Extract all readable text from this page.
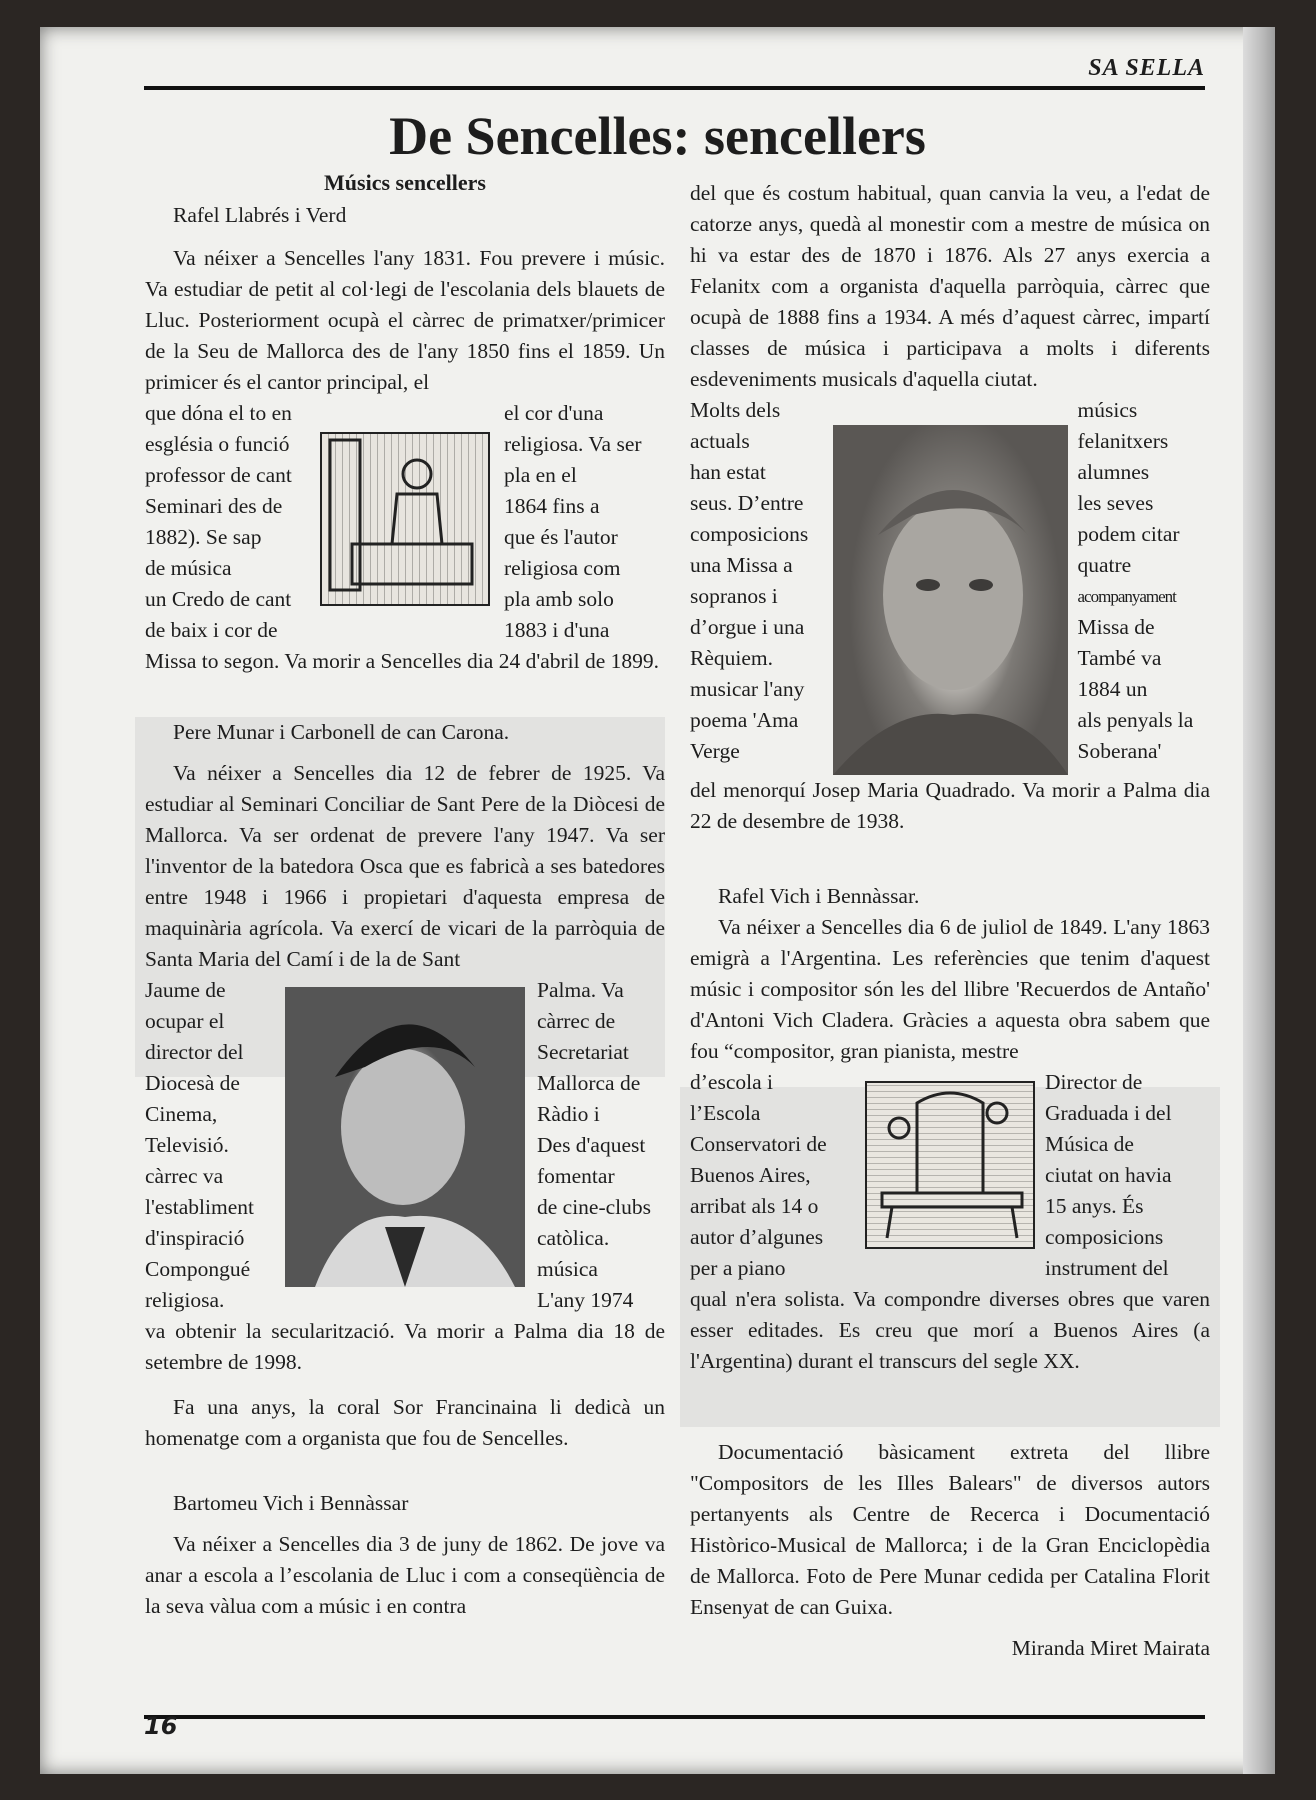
SA SELLA
De Sencelles: sencellers
Músics sencellers
Rafel Llabrés i Verd

Va néixer a Sencelles l'any 1831. Fou prevere i músic. Va estudiar de petit al col·legi de l'escolania dels blauets de Lluc. Posteriorment ocupà el càrrec de primatxer/primicer de la Seu de Mallorca des de l'any 1850 fins el 1859. Un primicer és el cantor principal, el

que dóna el to en
església o funció
professor de cant
Seminari des de
1882). Se sap
de música
un Credo de cant
de baix i cor de
el cor d'una
religiosa. Va ser
pla en el
1864 fins a
que és l'autor
religiosa com
pla amb solo
1883 i d'una
Missa to segon. Va morir a Sencelles dia 24 d'abril de 1899.
Pere Munar i Carbonell de can Carona.

Va néixer a Sencelles dia 12 de febrer de 1925. Va estudiar al Seminari Conciliar de Sant Pere de la Diòcesi de Mallorca. Va ser ordenat de prevere l'any 1947. Va ser l'inventor de la batedora Osca que es fabricà a ses batedores entre 1948 i 1966 i propietari d'aquesta empresa de maquinària agrícola. Va exercí de vicari de la parròquia de Santa Maria del Camí i de la de Sant

Jaume de
ocupar el
director del
Diocesà de
Cinema,
Televisió.
càrrec va
l'establiment
d'inspiració
Compongué
religiosa.
Palma. Va
càrrec de
Secretariat
Mallorca de
Ràdio i
Des d'aquest
fomentar
de cine-clubs
catòlica.
música
L'any 1974
va obtenir la secularització. Va morir a Palma dia 18 de setembre de 1998.

Fa una anys, la coral Sor Francinaina li dedicà un homenatge com a organista que fou de Sencelles.

Bartomeu Vich i Bennàssar

Va néixer a Sencelles dia 3 de juny de 1862. De jove va anar a escola a l’escolania de Lluc i com a conseqüència de la seva vàlua com a músic i en contra

del que és costum habitual, quan canvia la veu, a l'edat de catorze anys, quedà al monestir com a mestre de música on hi va estar des de 1870 i 1876. Als 27 anys exercia a Felanitx com a organista d'aquella parròquia, càrrec que ocupà de 1888 fins a 1934. A més d’aquest càrrec, impartí classes de música i participava a molts i diferents esdeveniments musicals d'aquella ciutat.
Molts dels
actuals
han estat
seus. D’entre
composicions
una Missa a
sopranos i
d’orgue i una
Rèquiem.
musicar l'any
poema 'Ama
Verge
músics
felanitxers
alumnes
les seves
podem citar
quatre
acompanyament
Missa de
També va
1884 un
als penyals la
Soberana'
del menorquí Josep Maria Quadrado. Va morir a Palma dia 22 de desembre de 1938.
Rafel Vich i Bennàssar.

Va néixer a Sencelles dia 6 de juliol de 1849. L'any 1863 emigrà a l'Argentina. Les referències que tenim d'aquest músic i compositor són les del llibre 'Recuerdos de Antaño' d'Antoni Vich Cladera. Gràcies a aquesta obra sabem que fou “compositor, gran pianista, mestre

d’escola i
l’Escola
Conservatori de
Buenos Aires,
arribat als 14 o
autor d’algunes
per a piano
Director de
Graduada i del
Música de
ciutat on havia
15 anys. És
composicions
instrument del
qual n'era solista. Va compondre diverses obres que varen esser editades. Es creu que morí a Buenos Aires (a l'Argentina) durant el transcurs del segle XX.

Documentació bàsicament extreta del llibre "Compositors de les Illes Balears" de diversos autors pertanyents als Centre de Recerca i Documentació Històrico-Musical de Mallorca; i de la Gran Enciclopèdia de Mallorca. Foto de Pere Munar cedida per Catalina Florit Ensenyat de can Guixa.

Miranda Miret Mairata
16
